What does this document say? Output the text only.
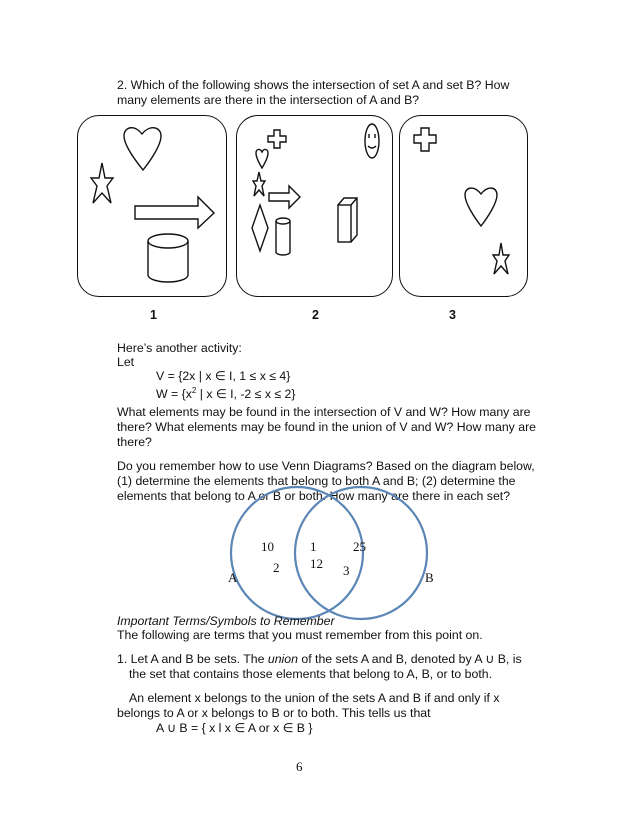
2. Which of the following shows the intersection of set A and set B? How

many elements are there in the intersection of A and B?

1	2	3

Here’s another activity:

Let

V = {2x | x ∈ I, 1 ≤ x ≤ 4}

$W = \{x^2$ | x ∈ I, -2 ≤ x ≤ 2}

What elements may be found in the intersection of V and W? How many are

there? What elements may be found in the union of V and W? How many are

there?

Do you remember how to use Venn Diagrams? Based on the diagram below,

(1) determine the elements that belong to both A and B; (2) determine the

elements that belong to A or B or both. How many are there in each set?

10
2
1
12
25
3
A	B

Important Terms/Symbols to Remember

The following are terms that you must remember from this point on.

1. Let A and B be sets. The union of the sets A and B, denoted by A ∪ B, is

the set that contains those elements that belong to A, B, or to both.

An element x belongs to the union of the sets A and B if and only if x

belongs to A or x belongs to B or to both. This tells us that

A ∪ B = { x l x ∈ A or x ∈ B }

6
